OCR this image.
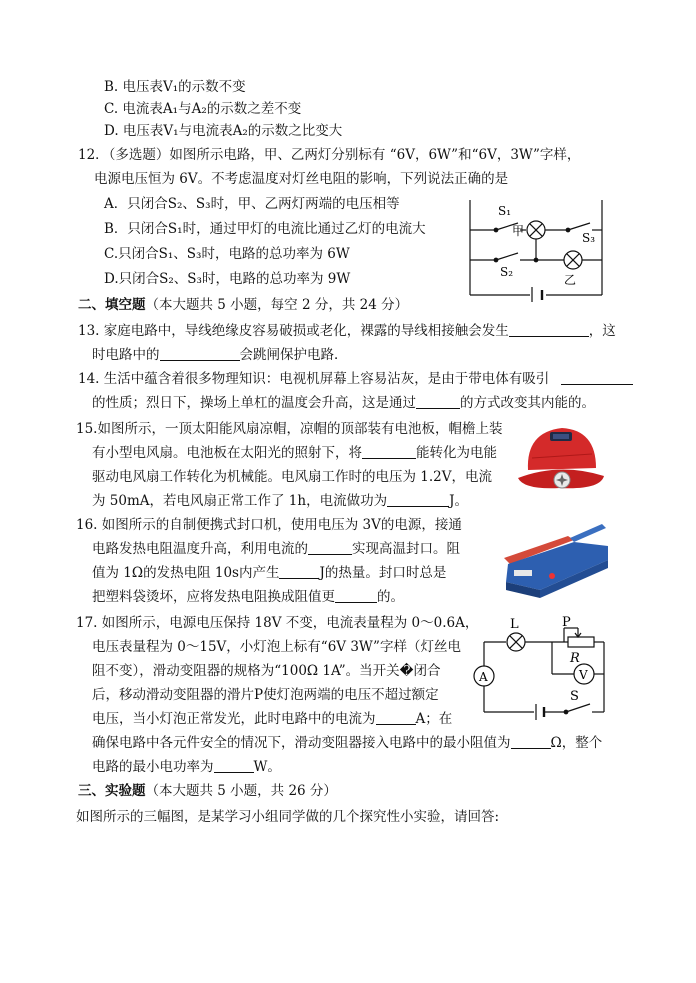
B. 电压表V₁的示数不变
C. 电流表A₁与A₂的示数之差不变
D. 电压表V₁与电流表A₂的示数之比变大
12．（多选题）如图所示电路，甲、乙两灯分别标有 “6V，6W”和“6V，3W”字样，
电源电压恒为 6V。不考虑温度对灯丝电阻的影响，下列说法正确的是
A．只闭合S₂、S₃时，甲、乙两灯两端的电压相等
B．只闭合S₁时，通过甲灯的电流比通过乙灯的电流大
C.只闭合S₁、S₃时，电路的总功率为 6W
D.只闭合S₂、S₃时，电路的总功率为 9W
S₁
甲	S₃
S₂
乙
二、填空题（本大题共 5 小题，每空 2 分，共 24 分）
13. 家庭电路中，导线绝缘皮容易破损或老化，裸露的导线相接触会发生	，这
时电路中的	会跳闸保护电路．
14. 生活中蕴含着很多物理知识：电视机屏幕上容易沾灰，是由于带电体有吸引
的性质；烈日下，操场上单杠的温度会升高，这是通过	的方式改变其内能的。
15.如图所示，一顶太阳能风扇凉帽，凉帽的顶部装有电池板，帽檐上装
有小型电风扇。电池板在太阳光的照射下，将	能转化为电能
驱动电风扇工作转化为机械能。电风扇工作时的电压为 1.2V，电流
为 50mA，若电风扇正常工作了 1h，电流做功为	J。
16. 如图所示的自制便携式封口机，使用电压为 3V的电源，接通
电路发热电阻温度升高，利用电流的	实现高温封口。阻
值为 1Ω的发热电阻 10s内产生	J的热量。封口时总是
把塑料袋烫坏，应将发热电阻换成阻值更	的。
17. 如图所示，电源电压保持 18V 不变，电流表量程为 0～0.6A，
电压表量程为 0～15V，小灯泡上标有“6V 3W”字样（灯丝电
阻不变），滑动变阻器的规格为“100Ω 1A”。当开关�闭合
后，移动滑动变阻器的滑片P使灯泡两端的电压不超过额定
电压，当小灯泡正常发光，此时电路中的电流为	A；在
确保电路中各元件安全的情况下，滑动变阻器接入电路中的最小阻值为	Ω，整个
电路的最小电功率为	W。
L	P
R
V
A
S
三、实验题（本大题共 5 小题，共 26 分）
如图所示的三幅图，是某学习小组同学做的几个探究性小实验，请回答:
